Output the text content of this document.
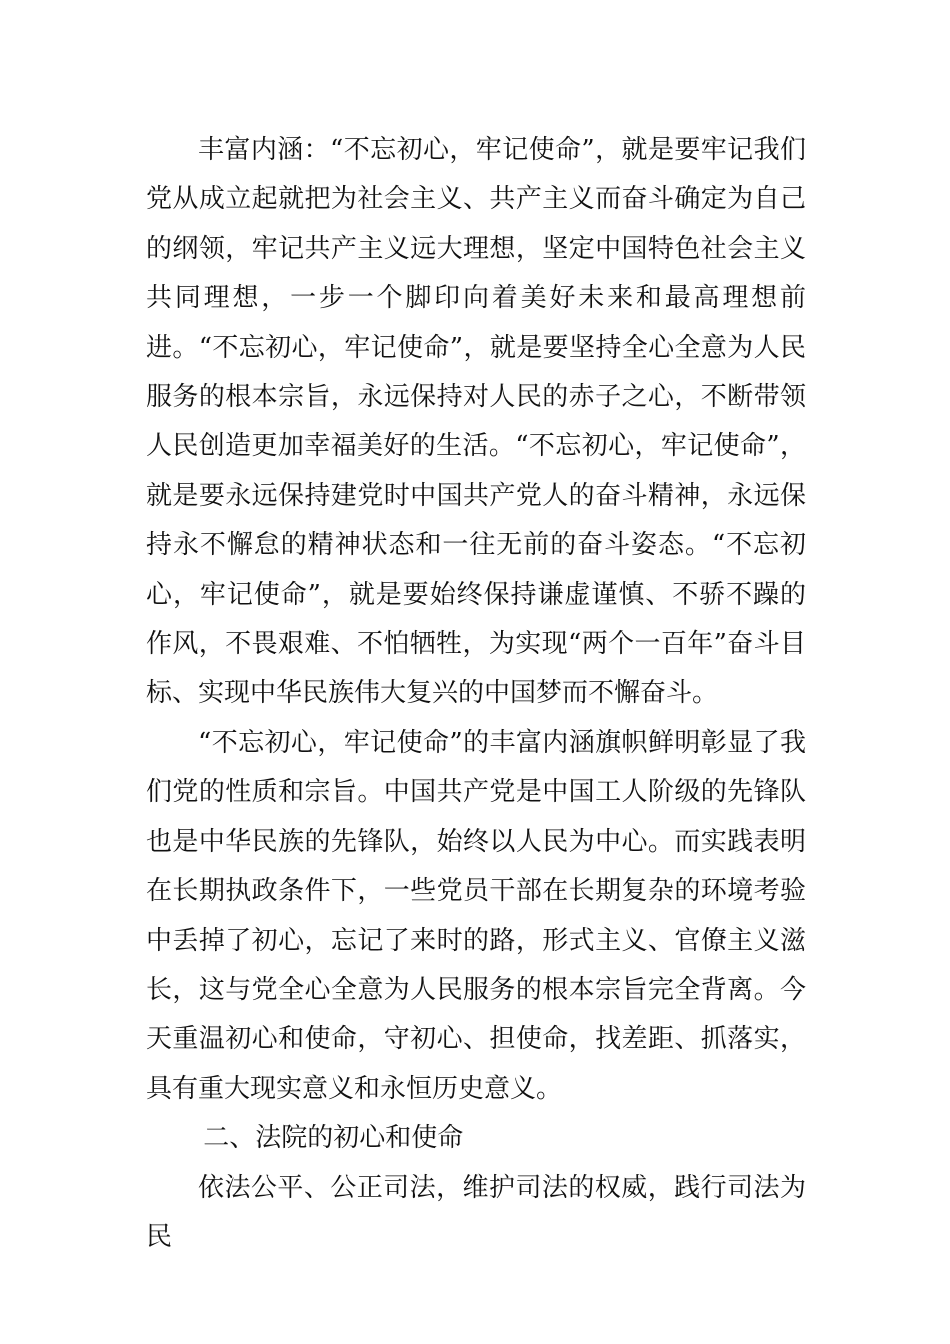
丰富内涵：“不忘初心，牢记使命”，就是要牢记我们党从成立起就把为社会主义、共产主义而奋斗确定为自己的纲领，牢记共产主义远大理想，坚定中国特色社会主义共同理想，一步一个脚印向着美好未来和最高理想前进。“不忘初心，牢记使命”，就是要坚持全心全意为人民服务的根本宗旨，永远保持对人民的赤子之心，不断带领人民创造更加幸福美好的生活。“不忘初心，牢记使命”，就是要永远保持建党时中国共产党人的奋斗精神，永远保持永不懈怠的精神状态和一往无前的奋斗姿态。“不忘初心，牢记使命”，就是要始终保持谦虚谨慎、不骄不躁的作风，不畏艰难、不怕牺牲，为实现“两个一百年”奋斗目标、实现中华民族伟大复兴的中国梦而不懈奋斗。

“不忘初心，牢记使命”的丰富内涵旗帜鲜明彰显了我们党的性质和宗旨。中国共产党是中国工人阶级的先锋队也是中华民族的先锋队，始终以人民为中心。而实践表明在长期执政条件下，一些党员干部在长期复杂的环境考验中丢掉了初心，忘记了来时的路，形式主义、官僚主义滋长，这与党全心全意为人民服务的根本宗旨完全背离。今天重温初心和使命，守初心、担使命，找差距、抓落实，具有重大现实意义和永恒历史意义。

二、法院的初心和使命

依法公平、公正司法，维护司法的权威，践行司法为民
